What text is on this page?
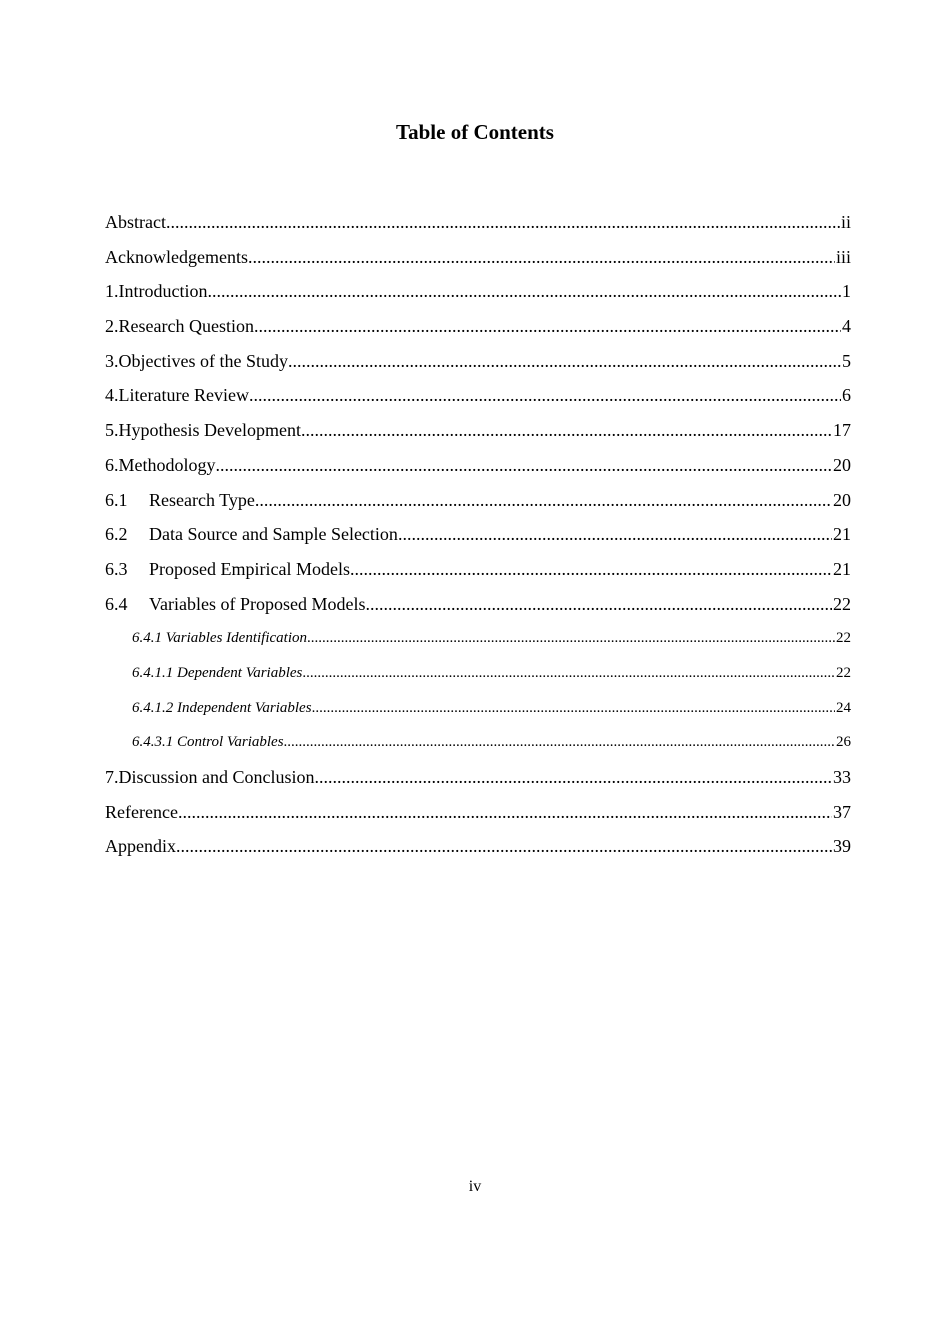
Table of Contents
Abstract .....	ii
Acknowledgements .....	iii
1.Introduction .....	1
2.Research Question .....	4
3.Objectives of the Study .....	5
4.Literature Review .....	6
5.Hypothesis Development .....	17
6.Methodology .....	20
6.1	Research Type .....	20
6.2	Data Source and Sample Selection .....	21
6.3	Proposed Empirical Models .....	21
6.4	Variables of Proposed Models .....	22
6.4.1 Variables Identification .....	22
6.4.1.1 Dependent Variables .....	22
6.4.1.2 Independent Variables .....	24
6.4.3.1 Control Variables .....	26
7.Discussion and Conclusion .....	33
Reference .....	37
Appendix .....	39
iv
